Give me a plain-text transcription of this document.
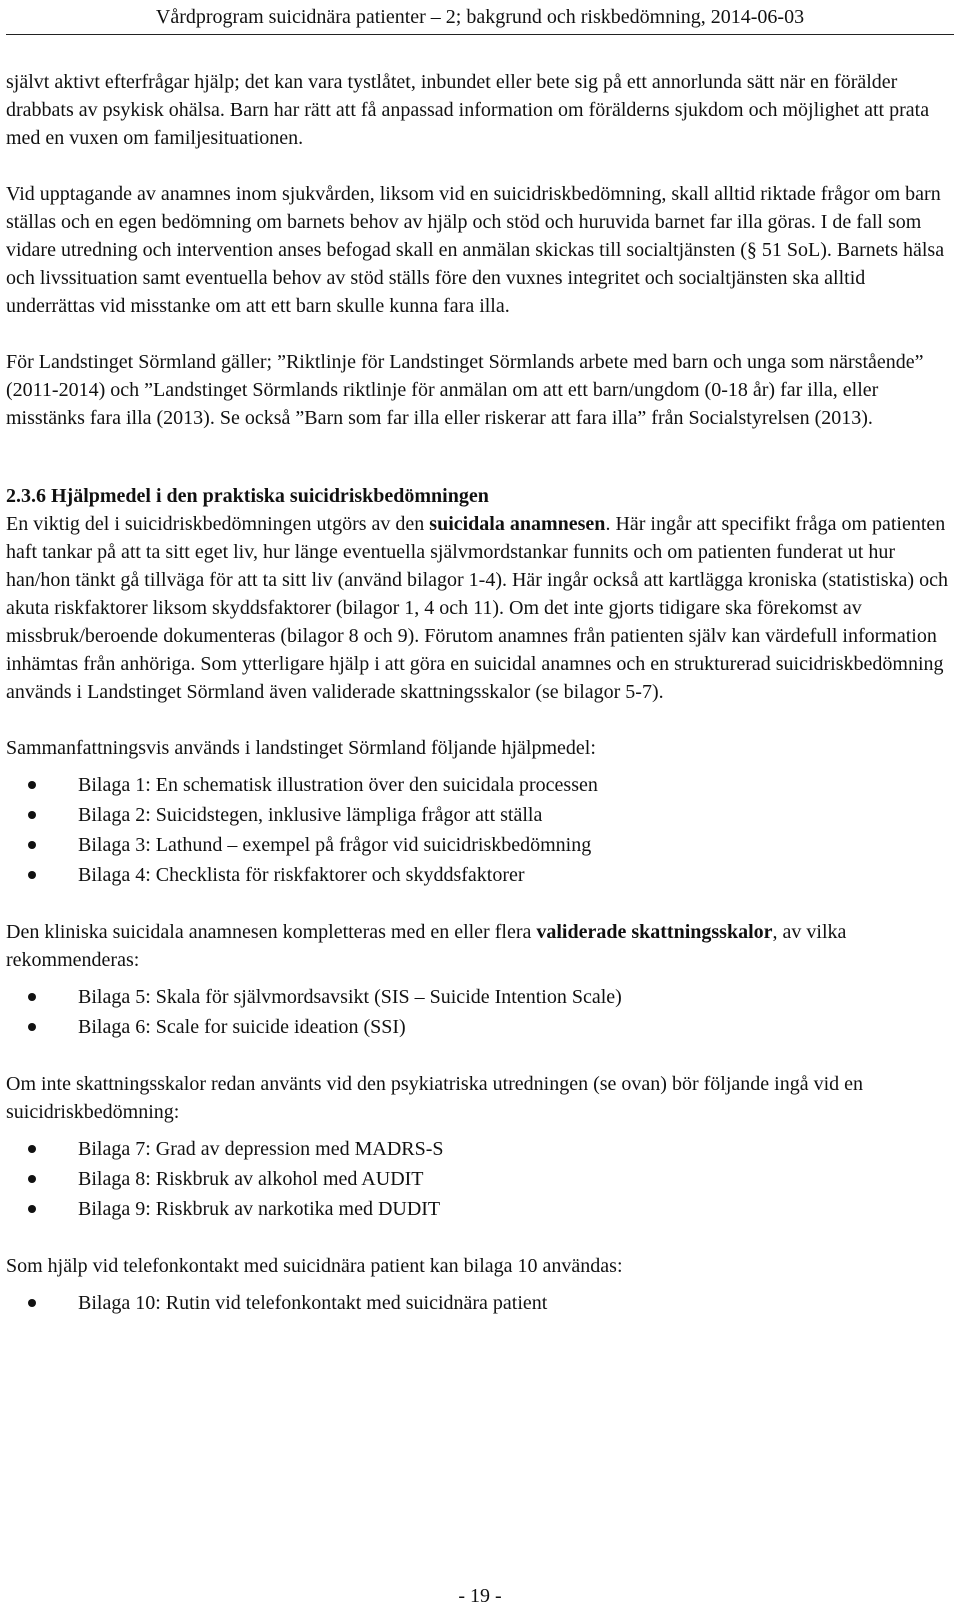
Vårdprogram suicidnära patienter – 2; bakgrund och riskbedömning, 2014-06-03

självt aktivt efterfrågar hjälp; det kan vara tystlåtet, inbundet eller bete sig på ett annorlunda sätt när en förälder drabbats av psykisk ohälsa. Barn har rätt att få anpassad information om förälderns sjukdom och möjlighet att prata med en vuxen om familjesituationen.

Vid upptagande av anamnes inom sjukvården, liksom vid en suicidriskbedömning, skall alltid riktade frågor om barn ställas och en egen bedömning om barnets behov av hjälp och stöd och huruvida barnet far illa göras. I de fall som vidare utredning och intervention anses befogad skall en anmälan skickas till socialtjänsten (§ 51 SoL). Barnets hälsa och livssituation samt eventuella behov av stöd ställs före den vuxnes integritet och socialtjänsten ska alltid underrättas vid misstanke om att ett barn skulle kunna fara illa.

För Landstinget Sörmland gäller; ”Riktlinje för Landstinget Sörmlands arbete med barn och unga som närstående” (2011-2014) och ”Landstinget Sörmlands riktlinje för anmälan om att ett barn/ungdom (0-18 år) far illa, eller misstänks fara illa (2013). Se också ”Barn som far illa eller riskerar att fara illa” från Socialstyrelsen (2013).

2.3.6 Hjälpmedel i den praktiska suicidriskbedömningen

En viktig del i suicidriskbedömningen utgörs av den suicidala anamnesen. Här ingår att specifikt fråga om patienten haft tankar på att ta sitt eget liv, hur länge eventuella självmordstankar funnits och om patienten funderat ut hur han/hon tänkt gå tillväga för att ta sitt liv (använd bilagor 1-4). Här ingår också att kartlägga kroniska (statistiska) och akuta riskfaktorer liksom skyddsfaktorer (bilagor 1, 4 och 11). Om det inte gjorts tidigare ska förekomst av missbruk/beroende dokumenteras (bilagor 8 och 9). Förutom anamnes från patienten själv kan värdefull information inhämtas från anhöriga. Som ytterligare hjälp i att göra en suicidal anamnes och en strukturerad suicidriskbedömning används i Landstinget Sörmland även validerade skattningsskalor (se bilagor 5-7).

Sammanfattningsvis används i landstinget Sörmland följande hjälpmedel:

Bilaga 1: En schematisk illustration över den suicidala processen
Bilaga 2: Suicidstegen, inklusive lämpliga frågor att ställa
Bilaga 3: Lathund – exempel på frågor vid suicidriskbedömning
Bilaga 4: Checklista för riskfaktorer och skyddsfaktorer

Den kliniska suicidala anamnesen kompletteras med en eller flera validerade skattningsskalor, av vilka rekommenderas:

Bilaga 5: Skala för självmordsavsikt (SIS – Suicide Intention Scale)
Bilaga 6: Scale for suicide ideation (SSI)

Om inte skattningsskalor redan använts vid den psykiatriska utredningen (se ovan) bör följande ingå vid en suicidriskbedömning:

Bilaga 7: Grad av depression med MADRS-S
Bilaga 8: Riskbruk av alkohol med AUDIT
Bilaga 9: Riskbruk av narkotika med DUDIT

Som hjälp vid telefonkontakt med suicidnära patient kan bilaga 10 användas:

Bilaga 10: Rutin vid telefonkontakt med suicidnära patient
- 19 -
